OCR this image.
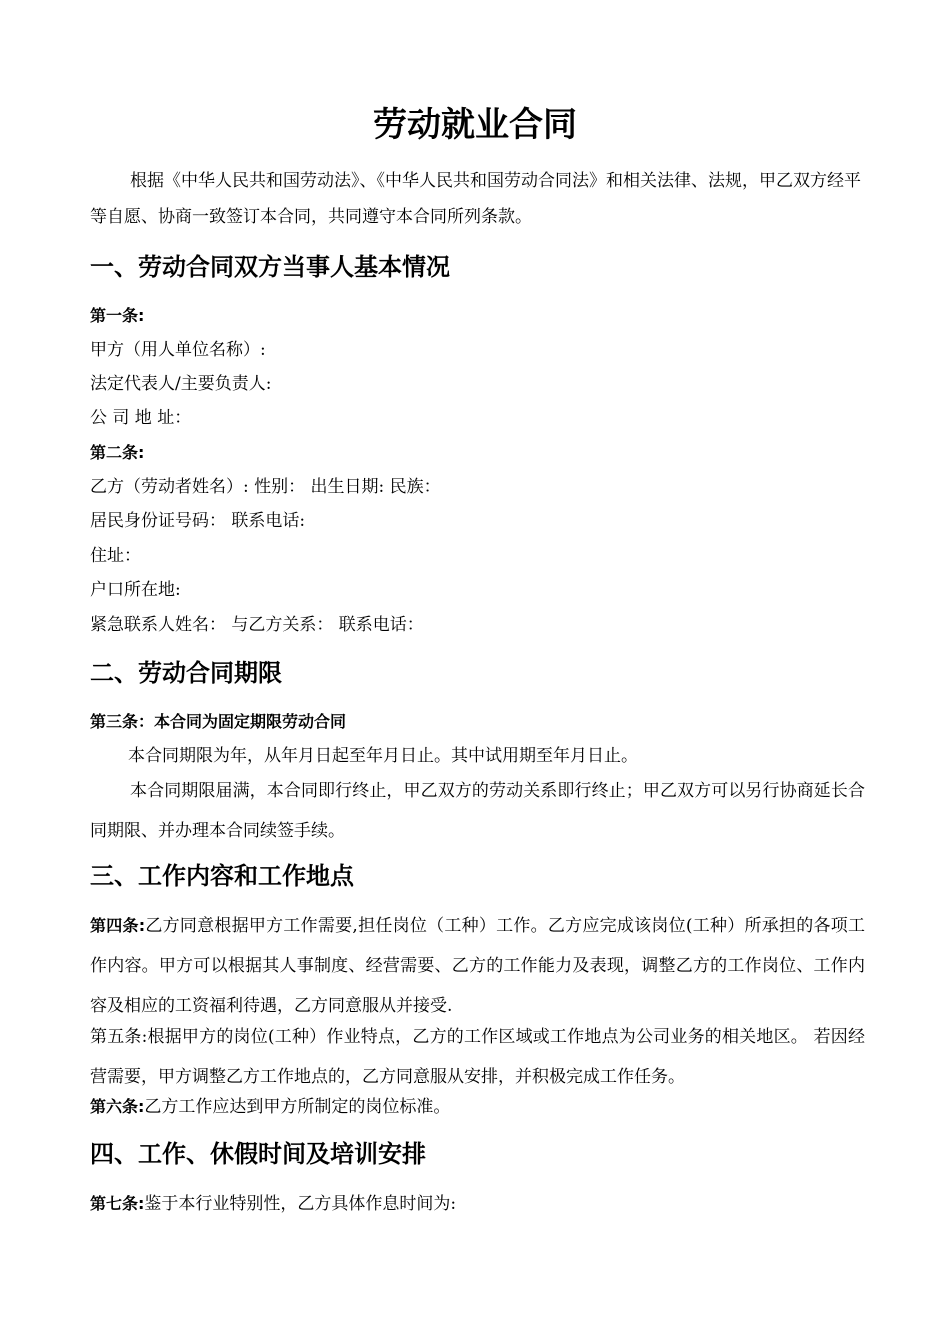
劳动就业合同
根据《中华人民共和国劳动法》、《中华人民共和国劳动合同法》和相关法律、法规，甲乙双方经平等自愿、协商一致签订本合同，共同遵守本合同所列条款。
一、劳动合同双方当事人基本情况
第一条:
甲方（用人单位名称）:
法定代表人/主要负责人:
公 司 地 址：
第二条:
乙方（劳动者姓名）: 性别： 出生日期: 民族：
居民身份证号码： 联系电话:
住址：
户口所在地:
紧急联系人姓名： 与乙方关系： 联系电话：
二、劳动合同期限
第三条：本合同为固定期限劳动合同
本合同期限为年，从年月日起至年月日止。其中试用期至年月日止。
本合同期限届满，本合同即行终止，甲乙双方的劳动关系即行终止；甲乙双方可以另行协商延长合同期限、并办理本合同续签手续。
三、工作内容和工作地点
第四条:乙方同意根据甲方工作需要,担任岗位（工种）工作。乙方应完成该岗位(工种）所承担的各项工作内容。甲方可以根据其人事制度、经营需要、乙方的工作能力及表现，调整乙方的工作岗位、工作内容及相应的工资福利待遇，乙方同意服从并接受.
第五条:根据甲方的岗位(工种）作业特点，乙方的工作区域或工作地点为公司业务的相关地区。 若因经营需要，甲方调整乙方工作地点的，乙方同意服从安排，并积极完成工作任务。
第六条:乙方工作应达到甲方所制定的岗位标准。
四、工作、休假时间及培训安排
第七条:鉴于本行业特别性，乙方具体作息时间为:
